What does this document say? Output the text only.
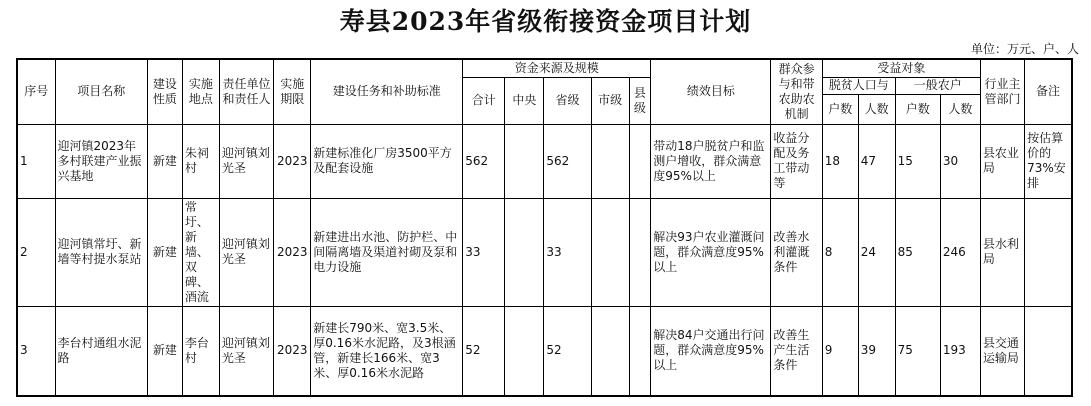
寿县2023年省级衔接资金项目计划
单位：万元、户、人
序号	项目名称	建设性质	实施地点	责任单位和责任人	实施期限	建设任务和补助标准	资金来源及规模					绩效目标	群众参与和带农助农机制	受益对象				行业主管部门	备注
							合计	中央	省级	市级	县级			脱贫人口与		一般农户			
														户数	人数	户数	人数		
1	迎河镇2023年多村联建产业振兴基地	新建	朱祠村	迎河镇刘光圣	2023	新建标准化厂房3500平方及配套设施	562		562			带动18户脱贫户和监测户增收，群众满意度95%以上	收益分配及务工带动等	18	47	15	30	县农业局	按估算价的73%安排
2	迎河镇常圩、新墙等村提水泵站	新建	常圩、新墙、双碑、酒流	迎河镇刘光圣	2023	新建进出水池、防护栏、中间隔离墙及渠道衬砌及泵和电力设施	33		33			解决93户农业灌溉问题，群众满意度95%以上	改善水利灌溉条件	8	24	85	246	县水利局	
3	李台村通组水泥路	新建	李台村	迎河镇刘光圣	2023	新建长790米、宽3.5米、厚0.16米水泥路，及3根涵管，新建长166米、宽3米、厚0.16米水泥路	52		52			解决84户交通出行问题，群众满意度95%以上	改善生产生活条件	9	39	75	193	县交通运输局	
